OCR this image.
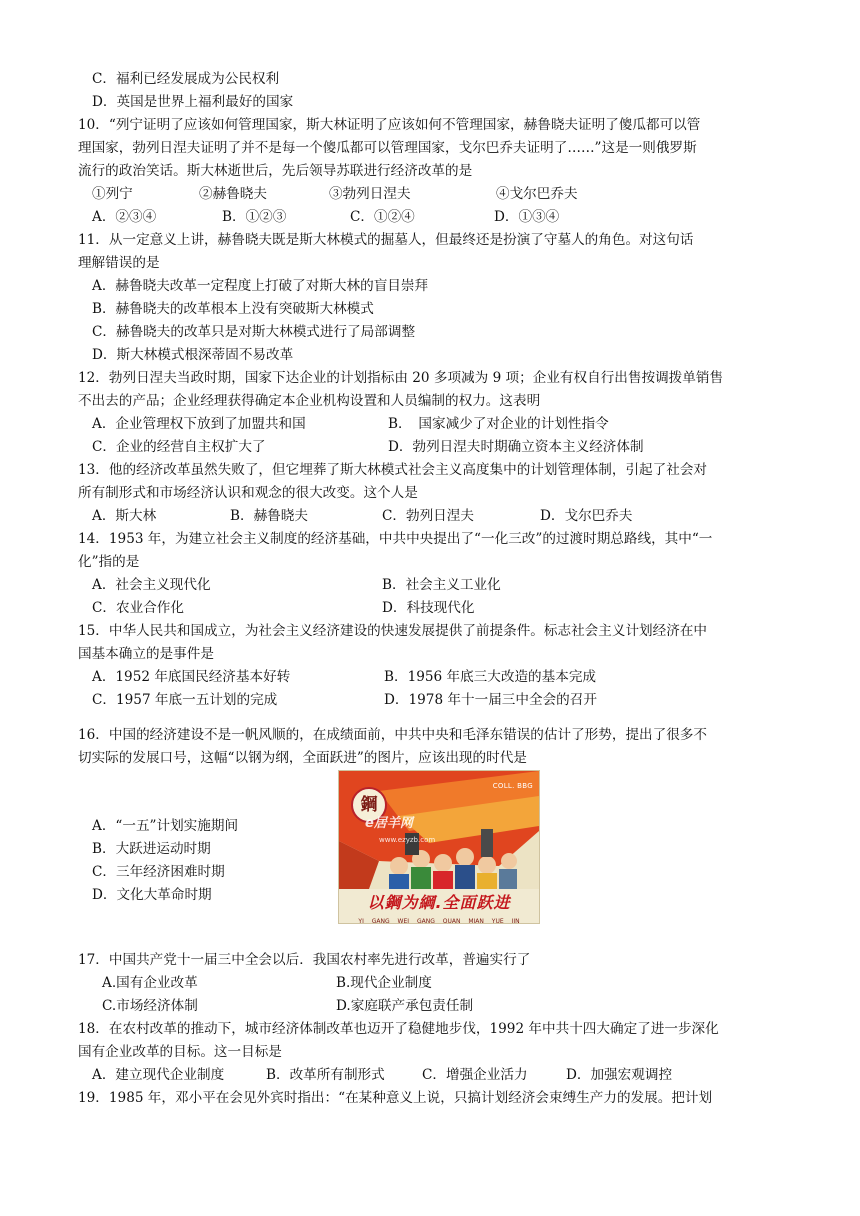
C．福利已经发展成为公民权利
D．英国是世界上福利最好的国家
10．“列宁证明了应该如何管理国家，斯大林证明了应该如何不管理国家，赫鲁晓夫证明了傻瓜都可以管
理国家，勃列日涅夫证明了并不是每一个傻瓜都可以管理国家，戈尔巴乔夫证明了……”这是一则俄罗斯
流行的政治笑话。斯大林逝世后，先后领导苏联进行经济改革的是
①列宁	②赫鲁晓夫	③勃列日涅夫	④戈尔巴乔夫
A．②③④	B．①②③	C．①②④	D．①③④
11．从一定意义上讲，赫鲁晓夫既是斯大林模式的掘墓人，但最终还是扮演了守墓人的角色。对这句话
理解错误的是
A．赫鲁晓夫改革一定程度上打破了对斯大林的盲目崇拜
B．赫鲁晓夫的改革根本上没有突破斯大林模式
C．赫鲁晓夫的改革只是对斯大林模式进行了局部调整
D．斯大林模式根深蒂固不易改革
12．勃列日涅夫当政时期，国家下达企业的计划指标由 20 多项减为 9 项；企业有权自行出售按调拨单销售
不出去的产品；企业经理获得确定本企业机构设置和人员编制的权力。这表明
A．企业管理权下放到了加盟共和国	B．　国家减少了对企业的计划性指令
C．企业的经营自主权扩大了	D．勃列日涅夫时期确立资本主义经济体制
13．他的经济改革虽然失败了，但它埋葬了斯大林模式社会主义高度集中的计划管理体制，引起了社会对
所有制形式和市场经济认识和观念的很大改变。这个人是
A．斯大林	B．赫鲁晓夫	C．勃列日涅夫	D．戈尔巴乔夫
14．1953 年，为建立社会主义制度的经济基础，中共中央提出了“一化三改”的过渡时期总路线，其中“一
化”指的是
A．社会主义现代化	B．社会主义工业化
C．农业合作化	D．科技现代化
15．中华人民共和国成立，为社会主义经济建设的快速发展提供了前提条件。标志社会主义计划经济在中
国基本确立的是事件是
A．1952 年底国民经济基本好转	B．1956 年底三大改造的基本完成
C．1957 年底一五计划的完成	D．1978 年十一届三中全会的召开
16．中国的经济建设不是一帆风顺的，在成绩面前，中共中央和毛泽东错误的估计了形势，提出了很多不
切实际的发展口号，这幅“以钢为纲，全面跃进”的图片，应该出现的时代是
A．“一五”计划实施期间
B．大跃进运动时期
C．三年经济困难时期
D．文化大革命时期
鋼
COLL. BBG
e居羊网
www.ezyzb.com
以鋼为綱.全面跃进
YI GANG WEI GANG QUAN MIAN YUE JIN
17．中国共产党十一届三中全会以后．我国农村率先进行改革，普遍实行了
A.国有企业改革	B.现代企业制度
C.市场经济体制	D.家庭联产承包责任制
18．在农村改革的推动下，城市经济体制改革也迈开了稳健地步伐，1992 年中共十四大确定了进一步深化
国有企业改革的目标。这一目标是
A．建立现代企业制度	B．改革所有制形式	C．增强企业活力	D．加强宏观调控
19．1985 年，邓小平在会见外宾时指出：“在某种意义上说，只搞计划经济会束缚生产力的发展。把计划
